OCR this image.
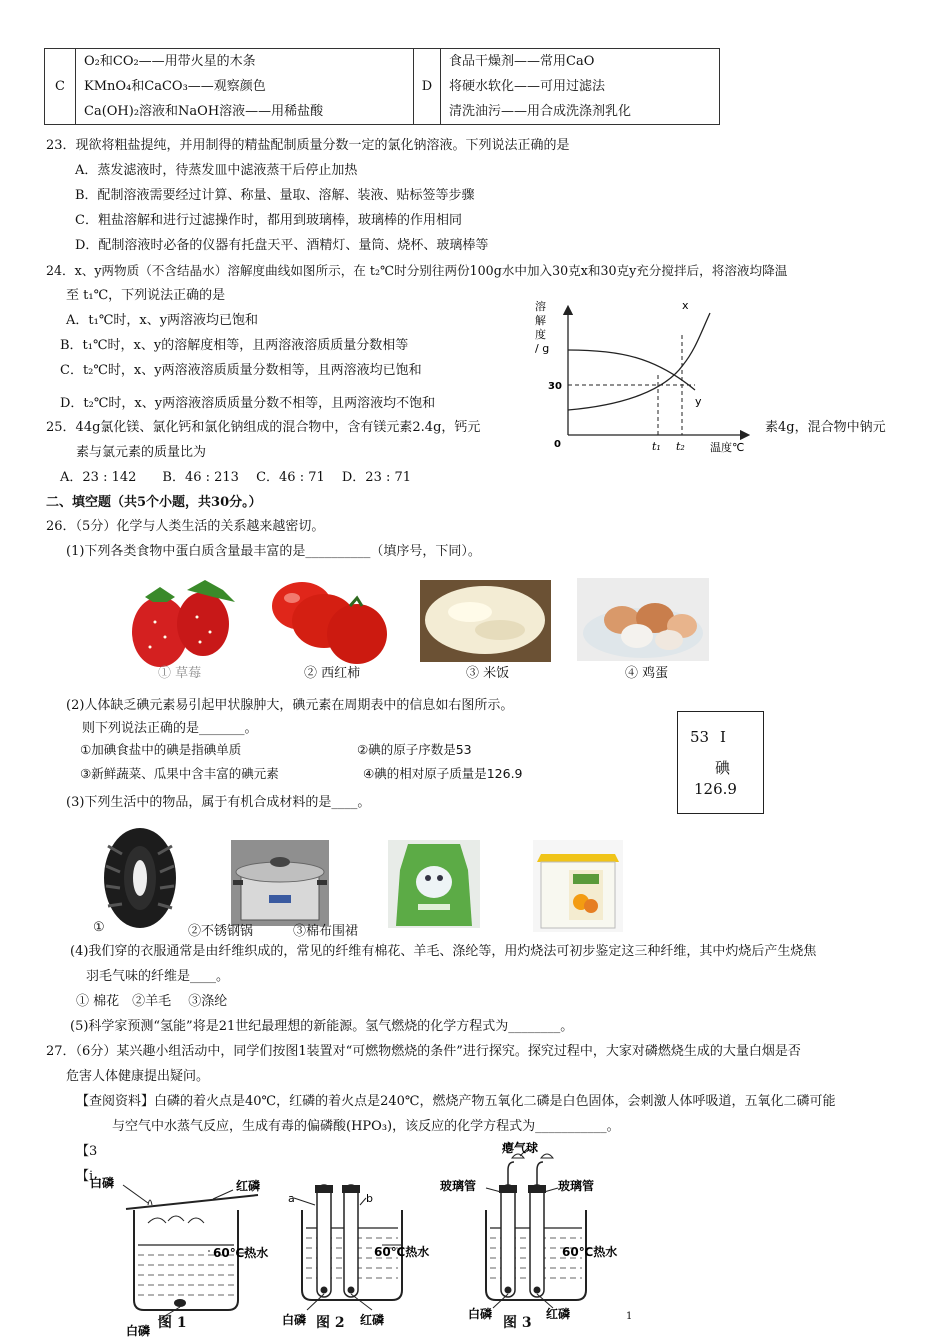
C	
O₂和CO₂——用带火星的木条
KMnO₄和CaCO₃——观察颜色
Ca(OH)₂溶液和NaOH溶液——用稀盐酸
	D	
食品干燥剂——常用CaO
将硬水软化——可用过滤法
清洗油污——用合成洗涤剂乳化
23．现欲将粗盐提纯，并用制得的精盐配制质量分数一定的氯化钠溶液。下列说法正确的是
A．蒸发滤液时，待蒸发皿中滤液蒸干后停止加热
B．配制溶液需要经过计算、称量、量取、溶解、装液、贴标签等步骤
C．粗盐溶解和进行过滤操作时，都用到玻璃棒，玻璃棒的作用相同
D．配制溶液时必备的仪器有托盘天平、酒精灯、量筒、烧杯、玻璃棒等
24．x、y两物质（不含结晶水）溶解度曲线如图所示，在 t₂℃时分别往两份100g水中加入30克x和30克y充分搅拌后，将溶液均降温
至 t₁℃，下列说法正确的是
A．t₁℃时，x、y两溶液均已饱和
B．t₁℃时，x、y的溶解度相等，且两溶液溶质质量分数相等
C．t₂℃时，x、y两溶液溶质质量分数相等，且两溶液均已饱和
D．t₂℃时，x、y两溶液溶质质量分数不相等，且两溶液均不饱和
溶
解
度
/ g
30
0	t₁ t₂ 温度℃
x
y
25．44g氯化镁、氯化钙和氯化钠组成的混合物中，含有镁元素2.4g，钙元	素4g，混合物中钠元
素与氯元素的质量比为
A．23 : 142　　B．46 : 213　 C．46 : 71　 D．23 : 71
二、填空题（共5个小题，共30分。）
26．（5分）化学与人类生活的关系越来越密切。
(1)下列各类食物中蛋白质含量最丰富的是__________（填序号，下同）。
① 草莓	② 西红柿	③ 米饭	④ 鸡蛋
(2)人体缺乏碘元素易引起甲状腺肿大，碘元素在周期表中的信息如右图所示。
则下列说法正确的是_______。
①加碘食盐中的碘是指碘单质	②碘的原子序数是53
③新鲜蔬菜、瓜果中含丰富的碘元素	④碘的相对原子质量是126.9
53 I
碘
126.9
(3)下列生活中的物品，属于有机合成材料的是____。
①	②不锈钢锅	③棉布围裙
(4)我们穿的衣服通常是由纤维织成的，常见的纤维有棉花、羊毛、涤纶等，用灼烧法可初步鉴定这三种纤维，其中灼烧后产生烧焦
羽毛气味的纤维是____。
① 棉花　②羊毛　 ③涤纶
(5)科学家预测“氢能”将是21世纪最理想的新能源。氢气燃烧的化学方程式为________。
27．（6分）某兴趣小组活动中，同学们按图1装置对“可燃物燃烧的条件”进行探究。探究过程中，大家对磷燃烧生成的大量白烟是否
危害人体健康提出疑问。
【查阅资料】白磷的着火点是40℃，红磷的着火点是240℃，燃烧产物五氧化二磷是白色固体，会刺激人体呼吸道，五氧化二磷可能
与空气中水蒸气反应，生成有毒的偏磷酸(HPO₃)，该反应的化学方程式为___________。
【3
【i
白磷	红磷
60℃热水
白磷 图 1
a	b
60℃热水
白磷	红磷
图 2
瘪气球
玻璃管	玻璃管
60℃热水
白磷	红磷
图 3	1
